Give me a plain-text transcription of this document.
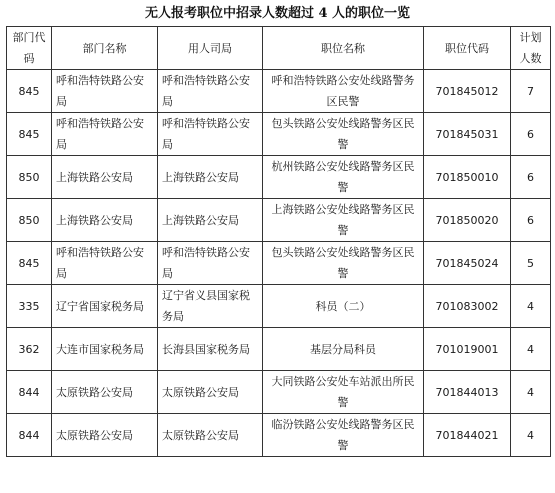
无人报考职位中招录人数超过 4 人的职位一览
部门代码	部门名称	用人司局	职位名称	职位代码	计划人数
845	呼和浩特铁路公安局	呼和浩特铁路公安局	呼和浩特铁路公安处线路警务区民警	701845012	7
845	呼和浩特铁路公安局	呼和浩特铁路公安局	包头铁路公安处线路警务区民警	701845031	6
850	上海铁路公安局	上海铁路公安局	杭州铁路公安处线路警务区民警	701850010	6
850	上海铁路公安局	上海铁路公安局	上海铁路公安处线路警务区民警	701850020	6
845	呼和浩特铁路公安局	呼和浩特铁路公安局	包头铁路公安处线路警务区民警	701845024	5
335	辽宁省国家税务局	辽宁省义县国家税务局	科员（二）	701083002	4
362	大连市国家税务局	长海县国家税务局	基层分局科员	701019001	4
844	太原铁路公安局	太原铁路公安局	大同铁路公安处车站派出所民警	701844013	4
844	太原铁路公安局	太原铁路公安局	临汾铁路公安处线路警务区民警	701844021	4
